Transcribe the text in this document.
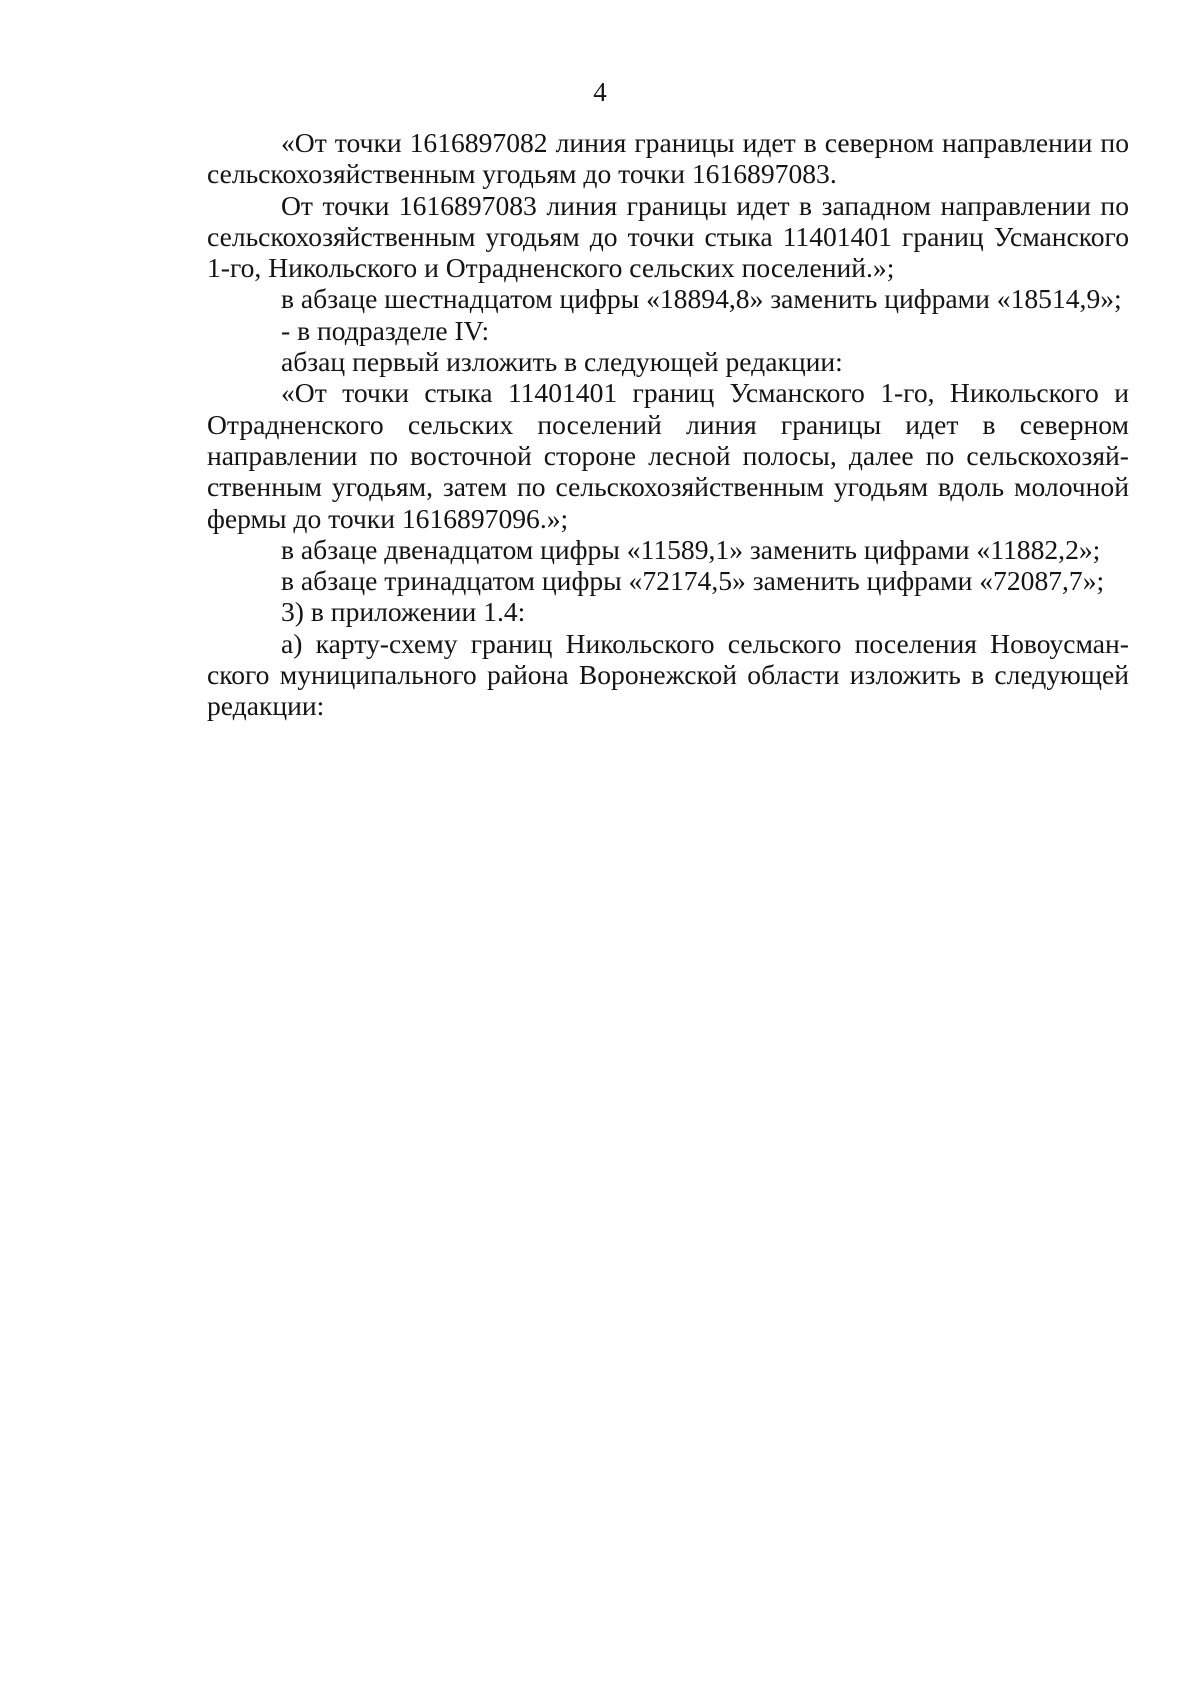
4

«От точки 1616897082 линия границы идет в северном направлении по сельскохозяйственным угодьям до точки 1616897083.

От точки 1616897083 линия границы идет в западном направлении по сельскохозяйственным угодьям до точки стыка 11401401 границ Усманского 1-го, Никольского и Отрадненского сельских поселений.»;

в абзаце шестнадцатом цифры «18894,8» заменить цифрами «18514,9»;

- в подразделе IV:

абзац первый изложить в следующей редакции:

«От точки стыка 11401401 границ Усманского 1-го, Никольского и Отрадненского сельских поселений линия границы идет в северном направлении по восточной стороне лесной полосы, далее по сельскохозяйственным угодьям, затем по сельскохозяйственным угодьям вдоль молочной фермы до точки 1616897096.»;

в абзаце двенадцатом цифры «11589,1» заменить цифрами «11882,2»;

в абзаце тринадцатом цифры «72174,5» заменить цифрами «72087,7»;

3) в приложении 1.4:

а) карту-схему границ Никольского сельского поселения Новоусманского муниципального района Воронежской области изложить в следующей редакции:
